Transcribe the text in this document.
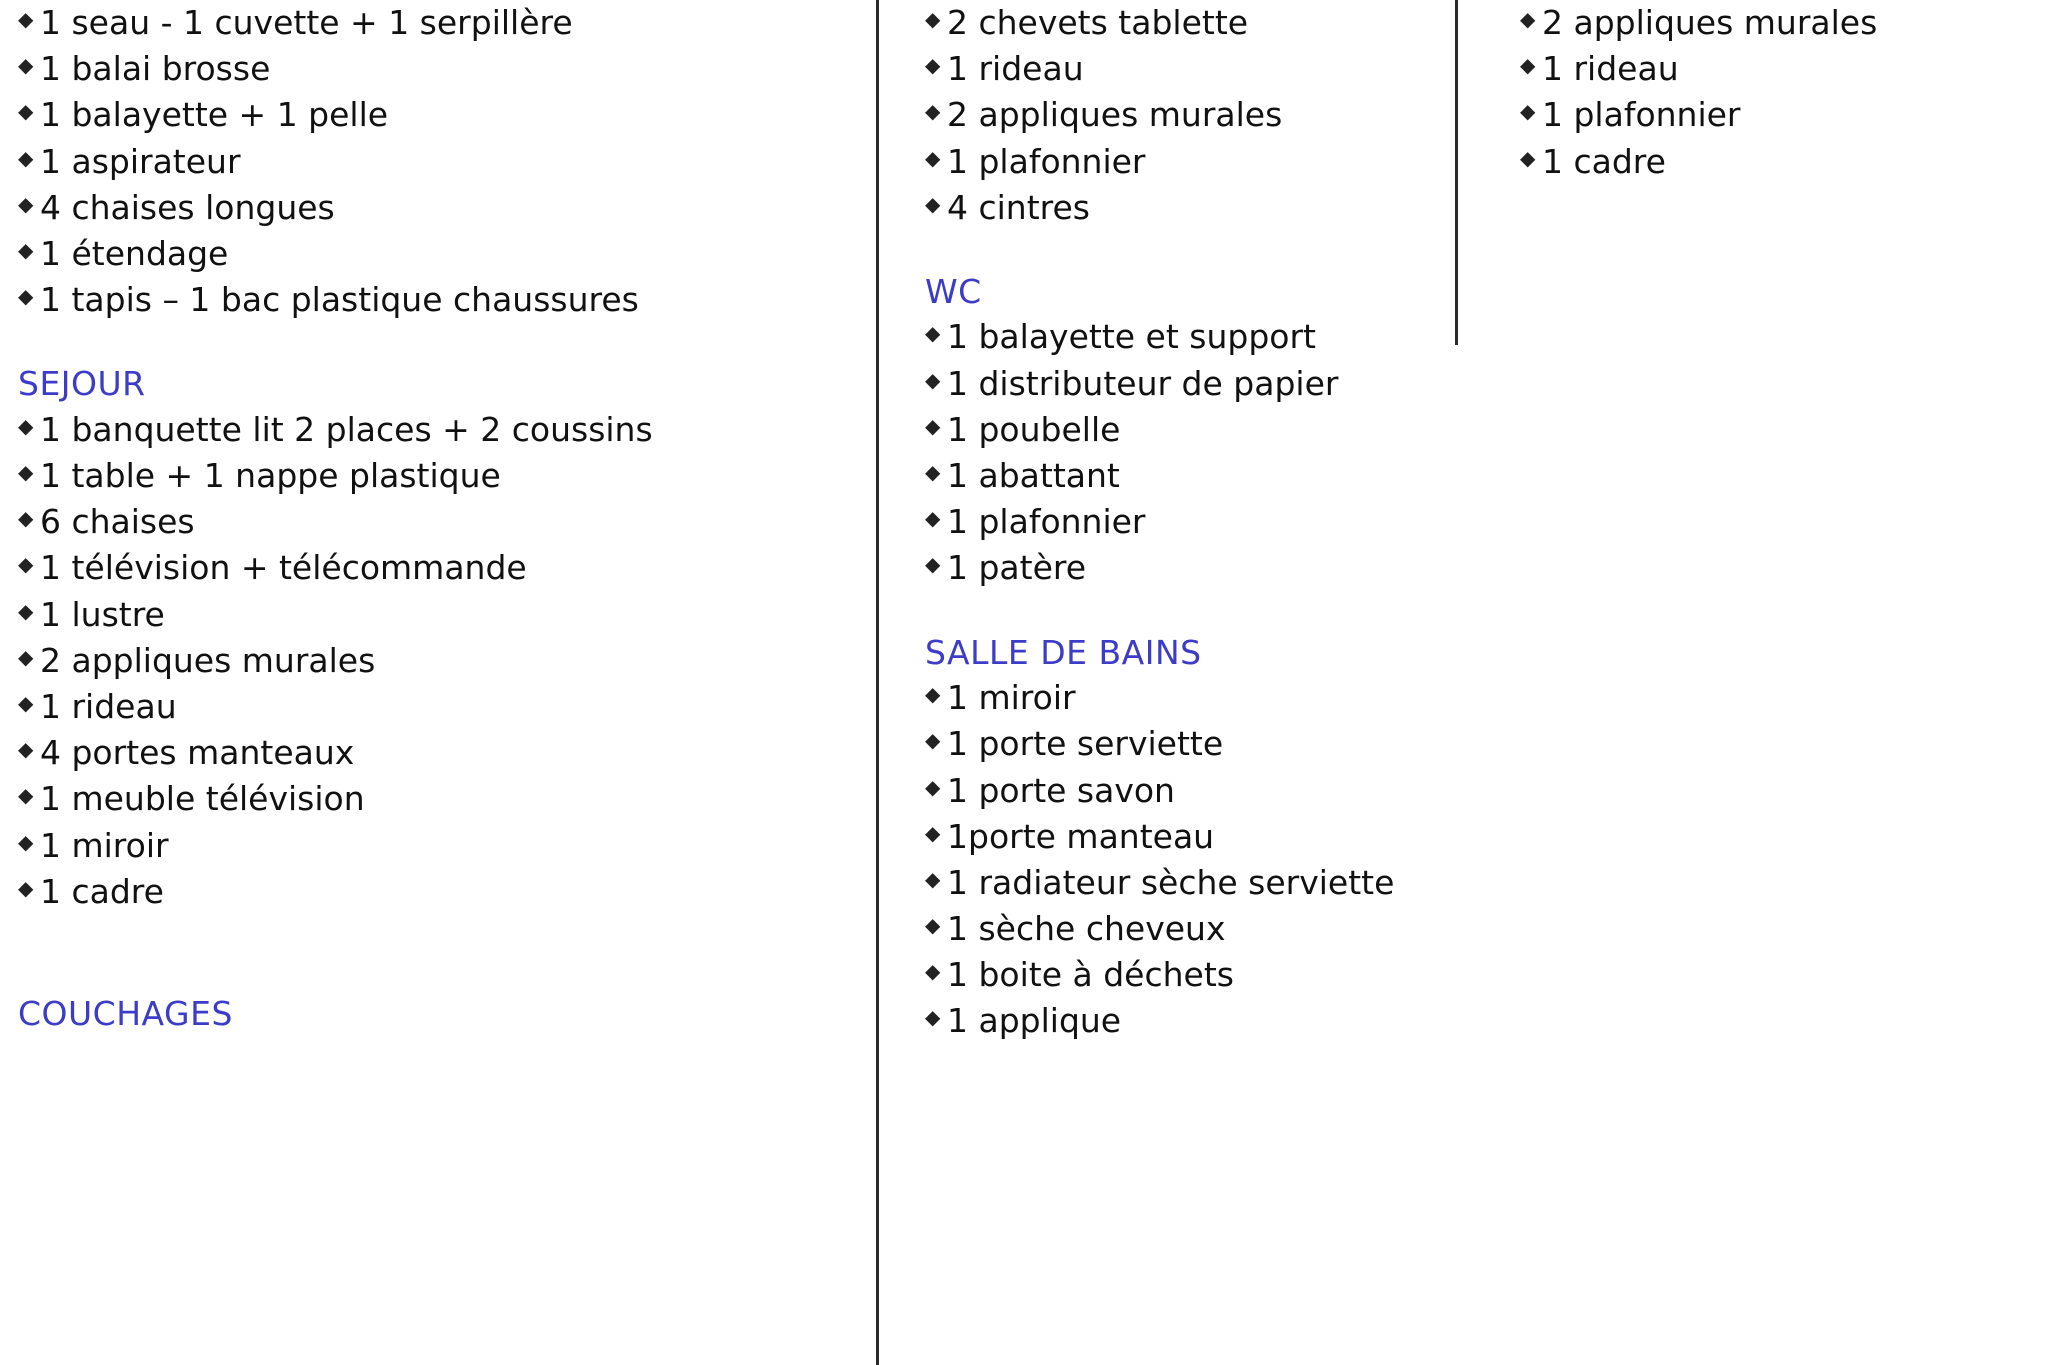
◆ 1 seau - 1 cuvette + 1 serpillère
◆ 1 balai brosse
◆ 1 balayette + 1 pelle
◆ 1 aspirateur
◆ 4 chaises longues
◆ 1 étendage
◆ 1 tapis – 1 bac plastique chaussures
SEJOUR
◆ 1 banquette lit 2 places + 2 coussins
◆ 1 table + 1 nappe plastique
◆ 6 chaises
◆ 1 télévision + télécommande
◆ 1 lustre
◆ 2 appliques murales
◆ 1 rideau
◆ 4 portes manteaux
◆ 1 meuble télévision
◆ 1 miroir
◆ 1 cadre
COUCHAGES
◆ 2 chevets tablette
◆ 1 rideau
◆ 2 appliques murales
◆ 1 plafonnier
◆ 4 cintres
WC
◆ 1 balayette et support
◆ 1 distributeur de papier
◆ 1 poubelle
◆ 1 abattant
◆ 1 plafonnier
◆ 1 patère
SALLE DE BAINS
◆ 1 miroir
◆ 1 porte serviette
◆ 1 porte savon
◆ 1porte manteau
◆ 1 radiateur sèche serviette
◆ 1 sèche cheveux
◆ 1 boite à déchets
◆ 1 applique
◆ 2 appliques murales
◆ 1 rideau
◆ 1 plafonnier
◆ 1 cadre
